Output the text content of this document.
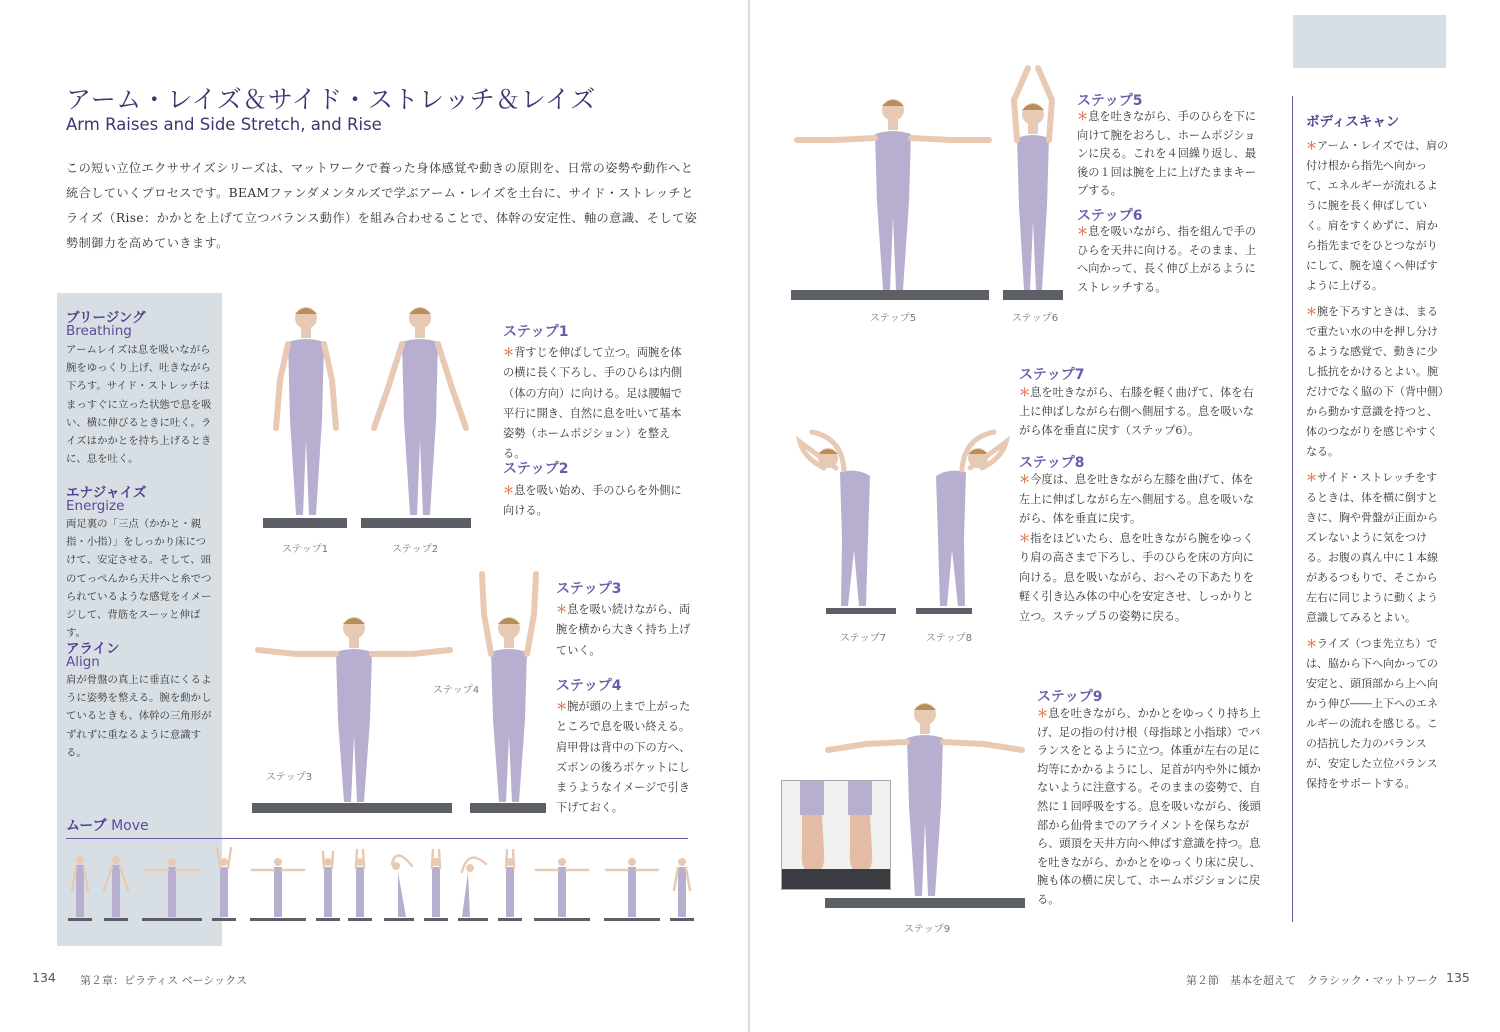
アーム・レイズ＆サイド・ストレッチ＆レイズ
Arm Raises and Side Stretch, and Rise
この短い立位エクササイズシリーズは、マットワークで養った身体感覚や動きの原則を、日常の姿勢や動作へと統合していくプロセスです。BEAMファンダメンタルズで学ぶアーム・レイズを土台に、サイド・ストレッチとライズ（Rise：かかとを上げて立つバランス動作）を組み合わせることで、体幹の安定性、軸の意識、そして姿勢制御力を高めていきます。
ブリージング
Breathing
アームレイズは息を吸いながら腕をゆっくり上げ、吐きながら下ろす。サイド・ストレッチはまっすぐに立った状態で息を吸い、横に伸びるときに吐く。ライズはかかとを持ち上げるときに、息を吐く。
エナジャイズ
Energize
両足裏の「三点（かかと・親指・小指）」をしっかり床につけて、安定させる。そして、頭のてっぺんから天井へと糸でつられているような感覚をイメージして、背筋をスーッと伸ばす。
アライン
Align
肩が骨盤の真上に垂直にくるように姿勢を整える。腕を動かしているときも、体幹の三角形がずれずに重なるように意識する。
ムーブ Move
ステップ1
＊背すじを伸ばして立つ。両腕を体の横に長く下ろし、手のひらは内側（体の方向）に向ける。足は腰幅で平行に開き、自然に息を吐いて基本姿勢（ホームポジション）を整える。
ステップ2
＊息を吸い始め、手のひらを外側に向ける。
ステップ3
＊息を吸い続けながら、両腕を横から大きく持ち上げていく。
ステップ4
＊腕が頭の上まで上がったところで息を吸い終える。肩甲骨は背中の下の方へ、ズボンの後ろポケットにしまうようなイメージで引き下げておく。
ステップ1	ステップ2
ステップ3
ステップ4
134 第２章：ピラティス ベーシックス
ステップ5	ステップ6
ステップ5
＊息を吐きながら、手のひらを下に向けて腕をおろし、ホームポジションに戻る。これを４回繰り返し、最後の１回は腕を上に上げたままキープする。
ステップ6
＊息を吸いながら、指を組んで手のひらを天井に向ける。そのまま、上へ向かって、長く伸び上がるようにストレッチする。
ステップ7	ステップ8
ステップ7
＊息を吐きながら、右膝を軽く曲げて、体を右上に伸ばしながら右側へ側屈する。息を吸いながら体を垂直に戻す（ステップ6）。
ステップ8
＊今度は、息を吐きながら左膝を曲げて、体を左上に伸ばしながら左へ側屈する。息を吸いながら、体を垂直に戻す。
＊指をほどいたら、息を吐きながら腕をゆっくり肩の高さまで下ろし、手のひらを床の方向に向ける。息を吸いながら、おへその下あたりを軽く引き込み体の中心を安定させ、しっかりと立つ。ステップ５の姿勢に戻る。
ステップ9
ステップ9
＊息を吐きながら、かかとをゆっくり持ち上げ、足の指の付け根（母指球と小指球）でバランスをとるように立つ。体重が左右の足に均等にかかるようにし、足首が内や外に傾かないように注意する。そのままの姿勢で、自然に１回呼吸をする。息を吸いながら、後頭部から仙骨までのアライメントを保ちながら、頭頂を天井方向へ伸ばす意識を持つ。息を吐きながら、かかとをゆっくり床に戻し、腕も体の横に戻して、ホームポジションに戻る。
ボディスキャン

＊アーム・レイズでは、肩の付け根から指先へ向かって、エネルギーが流れるように腕を長く伸ばしていく。肩をすくめずに、肩から指先までをひとつながりにして、腕を遠くへ伸ばすように上げる。

＊腕を下ろすときは、まるで重たい水の中を押し分けるような感覚で、動きに少し抵抗をかけるとよい。腕だけでなく脇の下（背中側）から動かす意識を持つと、体のつながりを感じやすくなる。

＊サイド・ストレッチをするときは、体を横に倒すときに、胸や骨盤が正面からズレないように気をつける。お腹の真ん中に１本線があるつもりで、そこから左右に同じように動くよう意識してみるとよい。

＊ライズ（つま先立ち）では、脇から下へ向かっての安定と、頭頂部から上へ向かう伸び――上下へのエネルギーの流れを感じる。この拮抗した力のバランスが、安定した立位バランス保持をサポートする。

第２節　基本を超えて　クラシック・マットワーク 135
